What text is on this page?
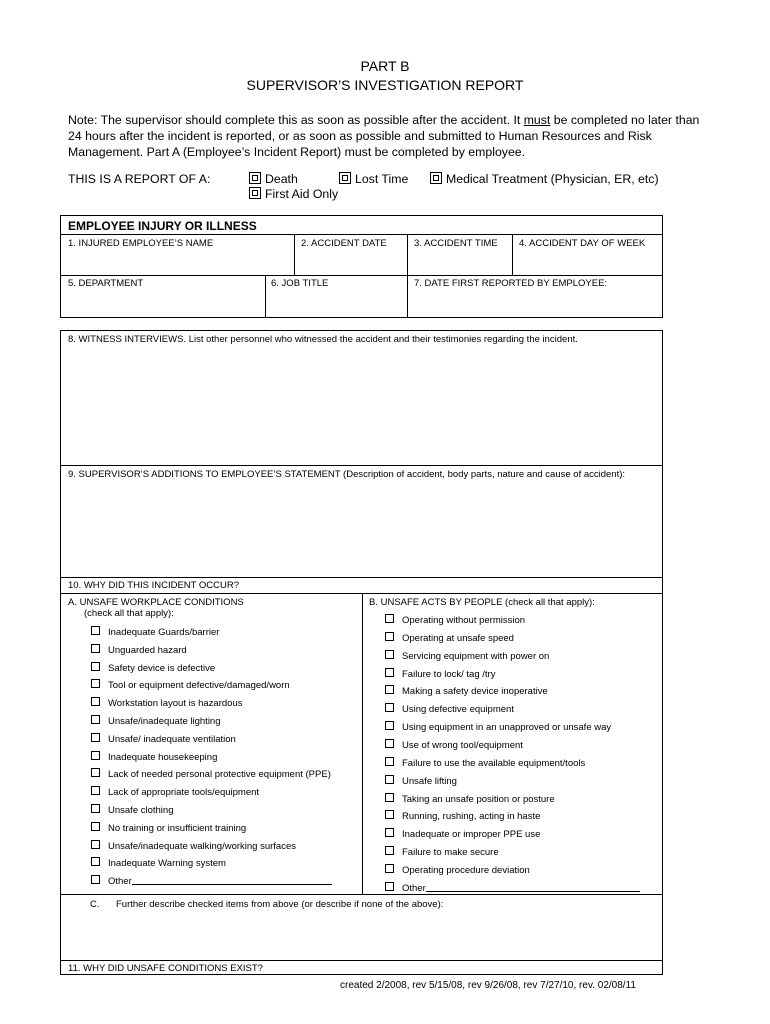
PART B
SUPERVISOR’S INVESTIGATION REPORT
Note: The supervisor should complete this as soon as possible after the accident. It must be completed no later than 24 hours after the incident is reported, or as soon as possible and submitted to Human Resources and Risk Management. Part A (Employee’s Incident Report) must be completed by employee.
THIS IS A REPORT OF A:	Death	Lost Time	Medical Treatment (Physician, ER, etc)
First Aid Only
EMPLOYEE INJURY OR ILLNESS
1. INJURED EMPLOYEE’S NAME	2. ACCIDENT DATE	3. ACCIDENT TIME 4. ACCIDENT DAY OF WEEK
5. DEPARTMENT	6. JOB TITLE	7. DATE FIRST REPORTED BY EMPLOYEE:
8. WITNESS INTERVIEWS. List other personnel who witnessed the accident and their testimonies regarding the incident.
9. SUPERVISOR’S ADDITIONS TO EMPLOYEE’S STATEMENT (Description of accident, body parts, nature and cause of accident):
10. WHY DID THIS INCIDENT OCCUR?
A. UNSAFE WORKPLACE CONDITIONS
(check all that apply):
Inadequate Guards/barrier
Unguarded hazard
Safety device is defective
Tool or equipment defective/damaged/worn
Workstation layout is hazardous
Unsafe/inadequate lighting
Unsafe/ inadequate ventilation
Inadequate housekeeping
Lack of needed personal protective equipment (PPE)
Lack of appropriate tools/equipment
Unsafe clothing
No training or insufficient training
Unsafe/inadequate walking/working surfaces
Inadequate Warning system
Other
B. UNSAFE ACTS BY PEOPLE (check all that apply):
Operating without permission
Operating at unsafe speed
Servicing equipment with power on
Failure to lock/ tag /try
Making a safety device inoperative
Using defective equipment
Using equipment in an unapproved or unsafe way
Use of wrong tool/equipment
Failure to use the available equipment/tools
Unsafe lifting
Taking an unsafe position or posture
Running, rushing, acting in haste
Inadequate or improper PPE use
Failure to make secure
Operating procedure deviation
Other
C. Further describe checked items from above (or describe if none of the above):
11. WHY DID UNSAFE CONDITIONS EXIST?
created 2/2008, rev 5/15/08, rev 9/26/08, rev 7/27/10, rev. 02/08/11
